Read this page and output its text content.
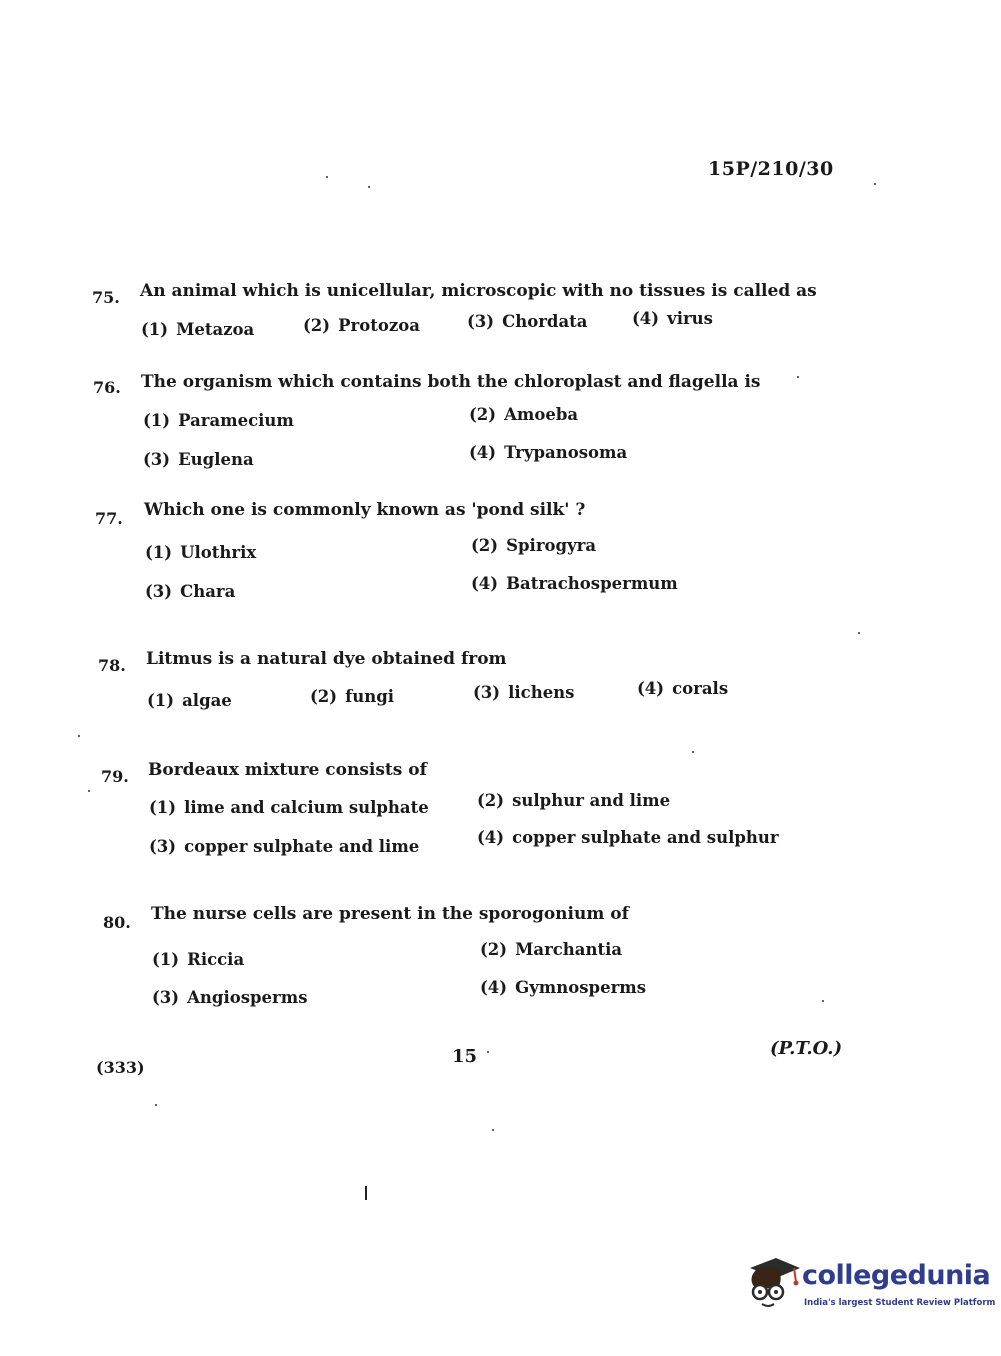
15P/210/30
75. An animal which is unicellular, microscopic with no tissues is called as
(1) Metazoa	(2) Protozoa	(3) Chordata	(4) virus
76. The organism which contains both the chloroplast and flagella is
(1) Paramecium	(2) Amoeba
(3) Euglena	(4) Trypanosoma
77. Which one is commonly known as 'pond silk' ?
(1) Ulothrix	(2) Spirogyra
(3) Chara	(4) Batrachospermum
78. Litmus is a natural dye obtained from
(1) algae	(2) fungi	(3) lichens	(4) corals
79. Bordeaux mixture consists of
(1) lime and calcium sulphate	(2) sulphur and lime
(3) copper sulphate and lime	(4) copper sulphate and sulphur
80. The nurse cells are present in the sporogonium of
(1) Riccia
(2) Marchantia
(3) Angiosperms
(4) Gymnosperms
(333)
15	(P.T.O.)
collegedunia
India's largest Student Review Platform
